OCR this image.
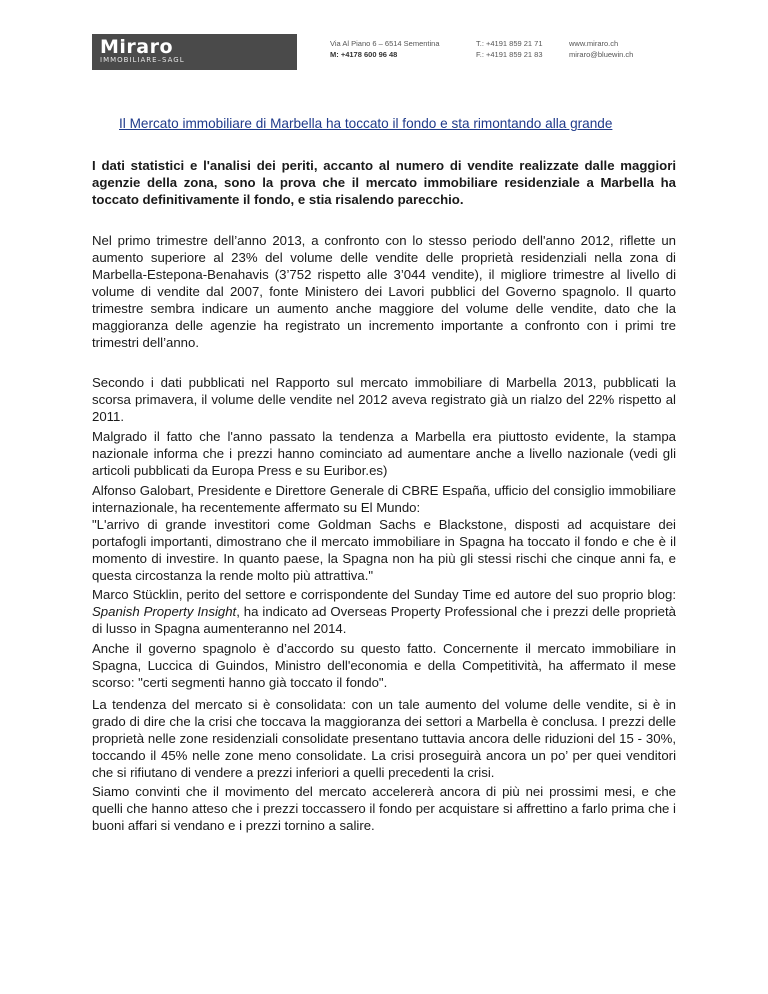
Miraro
IMMOBILIARE–SAGL
Via Al Piano 6 – 6514 Sementina
M: +4178 600 96 48
T.: +4191 859 21 71
F.: +4191 859 21 83
www.miraro.ch
miraro@bluewin.ch
Il Mercato immobiliare di Marbella ha toccato il fondo e sta rimontando alla grande

I dati statistici e l'analisi dei periti, accanto al numero di vendite realizzate dalle maggiori agenzie della zona, sono la prova che il mercato immobiliare residenziale a Marbella ha toccato definitivamente il fondo, e stia risalendo parecchio.

Nel primo trimestre dell’anno 2013, a confronto con lo stesso periodo dell'anno 2012, riflette un aumento superiore al 23% del volume delle vendite delle proprietà residenziali nella zona di Marbella-Estepona-Benahavis (3’752 rispetto alle 3’044 vendite), il migliore trimestre al livello di volume di vendite dal 2007, fonte Ministero dei Lavori pubblici del Governo spagnolo. Il quarto trimestre sembra indicare un aumento anche maggiore del volume delle vendite, dato che la maggioranza delle agenzie ha registrato un incremento importante a confronto con i primi tre trimestri dell’anno.

Secondo i dati pubblicati nel Rapporto sul mercato immobiliare di Marbella 2013, pubblicati la scorsa primavera, il volume delle vendite nel 2012 aveva registrato già un rialzo del 22% rispetto al 2011.

Malgrado il fatto che l'anno passato la tendenza a Marbella era piuttosto evidente, la stampa nazionale informa che i prezzi hanno cominciato ad aumentare anche a livello nazionale (vedi gli articoli pubblicati da Europa Press e su Euribor.es)

Alfonso Galobart, Presidente e Direttore Generale di CBRE España, ufficio del consiglio immobiliare internazionale, ha recentemente affermato su El Mundo:
"L'arrivo di grande investitori come Goldman Sachs e Blackstone, disposti ad acquistare dei portafogli importanti, dimostrano che il mercato immobiliare in Spagna ha toccato il fondo e che è il momento di investire. In quanto paese, la Spagna non ha più gli stessi rischi che cinque anni fa, e questa circostanza la rende molto più attrattiva."

Marco Stücklin, perito del settore e corrispondente del Sunday Time ed autore del suo proprio blog: Spanish Property Insight, ha indicato ad Overseas Property Professional che i prezzi delle proprietà di lusso in Spagna aumenteranno nel 2014.

Anche il governo spagnolo è d’accordo su questo fatto. Concernente il mercato immobiliare in Spagna, Luccica di Guindos, Ministro dell'economia e della Competitività, ha affermato il mese scorso: "certi segmenti hanno già toccato il fondo".

La tendenza del mercato si è consolidata: con un tale aumento del volume delle vendite, si è in grado di dire che la crisi che toccava la maggioranza dei settori a Marbella è conclusa. I prezzi delle proprietà nelle zone residenziali consolidate presentano tuttavia ancora delle riduzioni del 15 - 30%, toccando il 45% nelle zone meno consolidate. La crisi proseguirà ancora un po’ per quei venditori che si rifiutano di vendere a prezzi inferiori a quelli precedenti la crisi.

Siamo convinti che il movimento del mercato accelererà ancora di più nei prossimi mesi, e che quelli che hanno atteso che i prezzi toccassero il fondo per acquistare si affrettino a farlo prima che i buoni affari si vendano e i prezzi tornino a salire.
